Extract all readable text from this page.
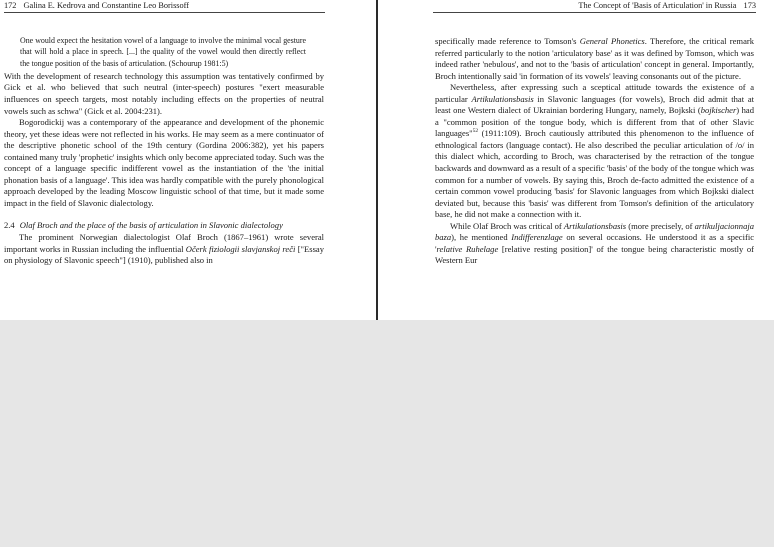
172 Galina E. Kedrova and Constantine Leo Borissoff

One would expect the hesitation vowel of a language to involve the minimal vocal gesture that will hold a place in speech. [...] the quality of the vowel would then directly reflect the tongue position of the basis of articulation. (Schourup 1981:5)

With the development of research technology this assumption was tentatively confirmed by Gick et al. who believed that such neutral (inter-speech) postures "exert measurable influences on speech targets, most notably including effects on the properties of neutral vowels such as schwa" (Gick et al. 2004:231).

Bogorodickij was a contemporary of the appearance and development of the phonemic theory, yet these ideas were not reflected in his works. He may seem as a mere continuator of the descriptive phonetic school of the 19th century (Gordina 2006:382), yet his papers contained many truly 'prophetic' insights which only become appreciated today. Such was the concept of a language specific indifferent vowel as the instantiation of the 'the initial phonation basis of a language'. This idea was hardly compatible with the purely phonological approach developed by the leading Moscow linguistic school of that time, but it made some impact in the field of Slavonic dialectology.

2.4 Olaf Broch and the place of the basis of articulation in Slavonic dialectology

The prominent Norwegian dialectologist Olaf Broch (1867–1961) wrote several important works in Russian including the influential Očerk fiziologii slavjanskoj reči ["Essay on physiology of Slavonic speech"] (1910), published also in

The Concept of 'Basis of Articulation' in Russia 173

specifically made reference to Tomson's General Phonetics. Therefore, the critical remark referred particularly to the notion 'articulatory base' as it was defined by Tomson, which was indeed rather 'nebulous', and not to the 'basis of articulation' concept in general. Importantly, Broch intentionally said 'in formation of its vowels' leaving consonants out of the picture.

Nevertheless, after expressing such a sceptical attitude towards the existence of a particular Artikulationsbasis in Slavonic languages (for vowels), Broch did admit that at least one Western dialect of Ukrainian bordering Hungary, namely, Bojkski (bojkischer) had a "common position of the tongue body, which is different from that of other Slavic languages"$^{52}$ (1911:109). Broch cautiously attributed this phenomenon to the influence of ethnological factors (language contact). He also described the peculiar articulation of /o/ in this dialect which, according to Broch, was characterised by the retraction of the tongue backwards and downward as a result of a specific 'basis' of the body of the tongue which was common for a number of vowels. By saying this, Broch de-facto admitted the existence of a certain common vowel producing 'basis' for Slavonic languages from which Bojkski dialect deviated but, because this 'basis' was different from Tomson's definition of the articulatory base, he did not make a connection with it.

While Olaf Broch was critical of Artikulationsbasis (more precisely, of artikuljacionnaja baza), he mentioned Indifferenzlage on several occasions. He understood it as a specific 'relative Ruhelage [relative resting position]' of the tongue being characteristic mostly of Western Eur
